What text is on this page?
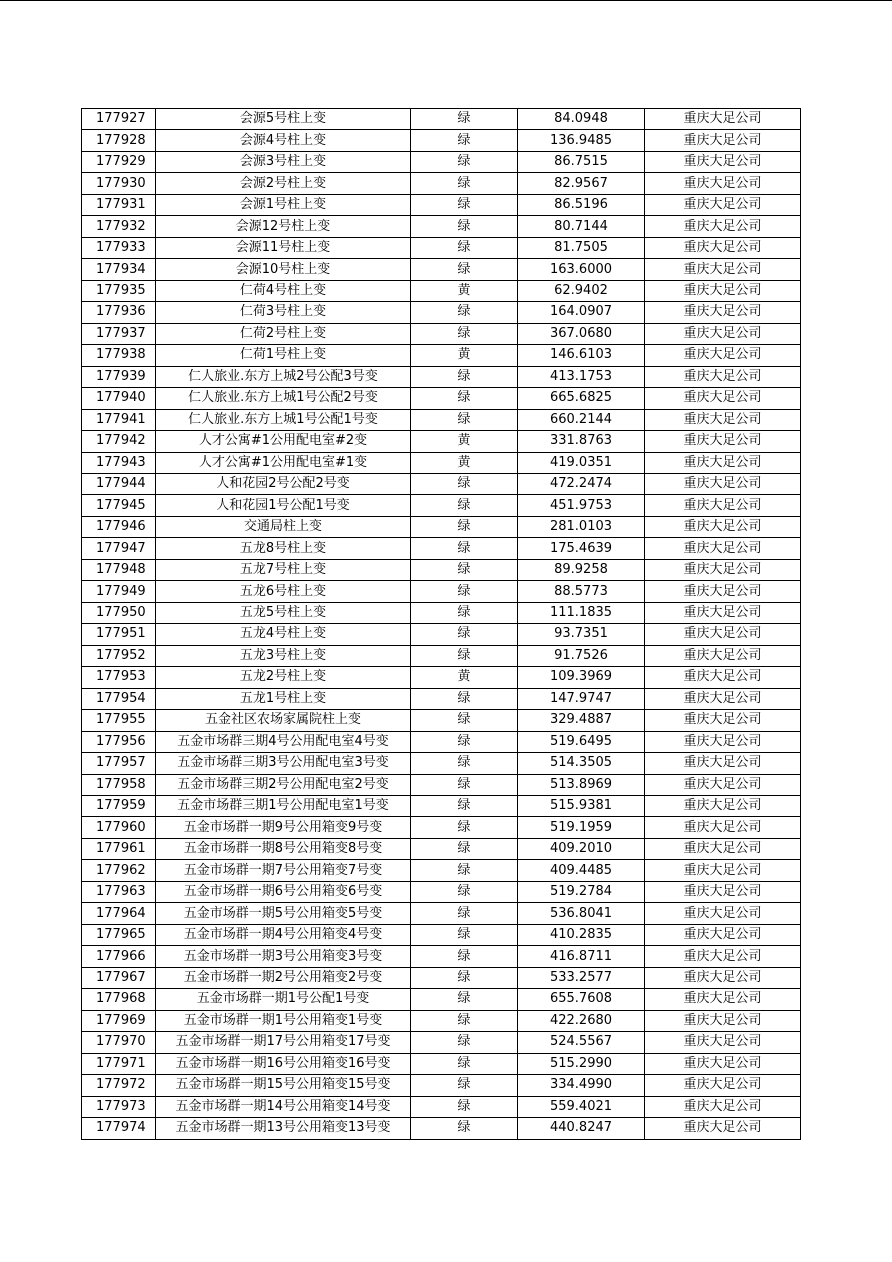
177927	会源5号柱上变	绿	84.0948	重庆大足公司
177928	会源4号柱上变	绿	136.9485	重庆大足公司
177929	会源3号柱上变	绿	86.7515	重庆大足公司
177930	会源2号柱上变	绿	82.9567	重庆大足公司
177931	会源1号柱上变	绿	86.5196	重庆大足公司
177932	会源12号柱上变	绿	80.7144	重庆大足公司
177933	会源11号柱上变	绿	81.7505	重庆大足公司
177934	会源10号柱上变	绿	163.6000	重庆大足公司
177935	仁荷4号柱上变	黄	62.9402	重庆大足公司
177936	仁荷3号柱上变	绿	164.0907	重庆大足公司
177937	仁荷2号柱上变	绿	367.0680	重庆大足公司
177938	仁荷1号柱上变	黄	146.6103	重庆大足公司
177939	仁人旅业.东方上城2号公配3号变	绿	413.1753	重庆大足公司
177940	仁人旅业.东方上城1号公配2号变	绿	665.6825	重庆大足公司
177941	仁人旅业.东方上城1号公配1号变	绿	660.2144	重庆大足公司
177942	人才公寓#1公用配电室#2变	黄	331.8763	重庆大足公司
177943	人才公寓#1公用配电室#1变	黄	419.0351	重庆大足公司
177944	人和花园2号公配2号变	绿	472.2474	重庆大足公司
177945	人和花园1号公配1号变	绿	451.9753	重庆大足公司
177946	交通局柱上变	绿	281.0103	重庆大足公司
177947	五龙8号柱上变	绿	175.4639	重庆大足公司
177948	五龙7号柱上变	绿	89.9258	重庆大足公司
177949	五龙6号柱上变	绿	88.5773	重庆大足公司
177950	五龙5号柱上变	绿	111.1835	重庆大足公司
177951	五龙4号柱上变	绿	93.7351	重庆大足公司
177952	五龙3号柱上变	绿	91.7526	重庆大足公司
177953	五龙2号柱上变	黄	109.3969	重庆大足公司
177954	五龙1号柱上变	绿	147.9747	重庆大足公司
177955	五金社区农场家属院柱上变	绿	329.4887	重庆大足公司
177956	五金市场群三期4号公用配电室4号变	绿	519.6495	重庆大足公司
177957	五金市场群三期3号公用配电室3号变	绿	514.3505	重庆大足公司
177958	五金市场群三期2号公用配电室2号变	绿	513.8969	重庆大足公司
177959	五金市场群三期1号公用配电室1号变	绿	515.9381	重庆大足公司
177960	五金市场群一期9号公用箱变9号变	绿	519.1959	重庆大足公司
177961	五金市场群一期8号公用箱变8号变	绿	409.2010	重庆大足公司
177962	五金市场群一期7号公用箱变7号变	绿	409.4485	重庆大足公司
177963	五金市场群一期6号公用箱变6号变	绿	519.2784	重庆大足公司
177964	五金市场群一期5号公用箱变5号变	绿	536.8041	重庆大足公司
177965	五金市场群一期4号公用箱变4号变	绿	410.2835	重庆大足公司
177966	五金市场群一期3号公用箱变3号变	绿	416.8711	重庆大足公司
177967	五金市场群一期2号公用箱变2号变	绿	533.2577	重庆大足公司
177968	五金市场群一期1号公配1号变	绿	655.7608	重庆大足公司
177969	五金市场群一期1号公用箱变1号变	绿	422.2680	重庆大足公司
177970	五金市场群一期17号公用箱变17号变	绿	524.5567	重庆大足公司
177971	五金市场群一期16号公用箱变16号变	绿	515.2990	重庆大足公司
177972	五金市场群一期15号公用箱变15号变	绿	334.4990	重庆大足公司
177973	五金市场群一期14号公用箱变14号变	绿	559.4021	重庆大足公司
177974	五金市场群一期13号公用箱变13号变	绿	440.8247	重庆大足公司
